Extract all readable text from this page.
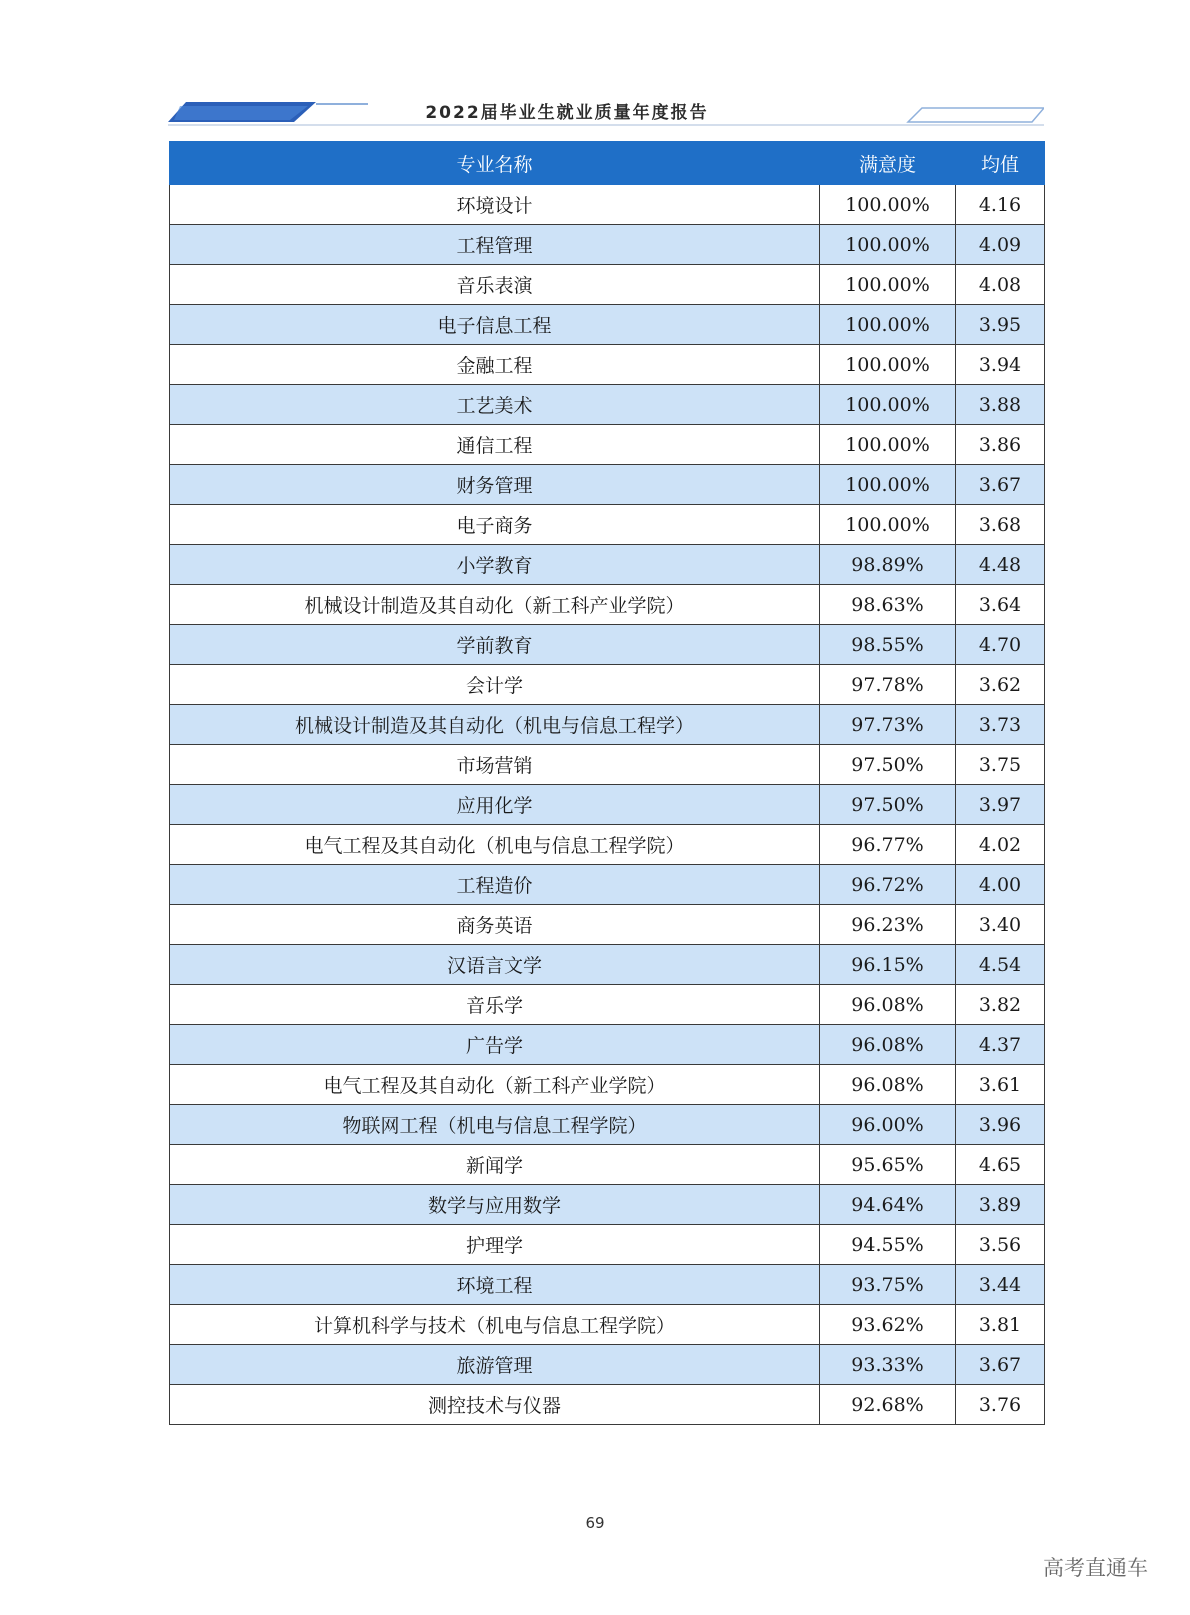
2022届毕业生就业质量年度报告
专业名称	满意度	均值
环境设计	100.00%	4.16
工程管理	100.00%	4.09
音乐表演	100.00%	4.08
电子信息工程	100.00%	3.95
金融工程	100.00%	3.94
工艺美术	100.00%	3.88
通信工程	100.00%	3.86
财务管理	100.00%	3.67
电子商务	100.00%	3.68
小学教育	98.89%	4.48
机械设计制造及其自动化（新工科产业学院）	98.63%	3.64
学前教育	98.55%	4.70
会计学	97.78%	3.62
机械设计制造及其自动化（机电与信息工程学）	97.73%	3.73
市场营销	97.50%	3.75
应用化学	97.50%	3.97
电气工程及其自动化（机电与信息工程学院）	96.77%	4.02
工程造价	96.72%	4.00
商务英语	96.23%	3.40
汉语言文学	96.15%	4.54
音乐学	96.08%	3.82
广告学	96.08%	4.37
电气工程及其自动化（新工科产业学院）	96.08%	3.61
物联网工程（机电与信息工程学院）	96.00%	3.96
新闻学	95.65%	4.65
数学与应用数学	94.64%	3.89
护理学	94.55%	3.56
环境工程	93.75%	3.44
计算机科学与技术（机电与信息工程学院）	93.62%	3.81
旅游管理	93.33%	3.67
测控技术与仪器	92.68%	3.76
69
高考直通车
